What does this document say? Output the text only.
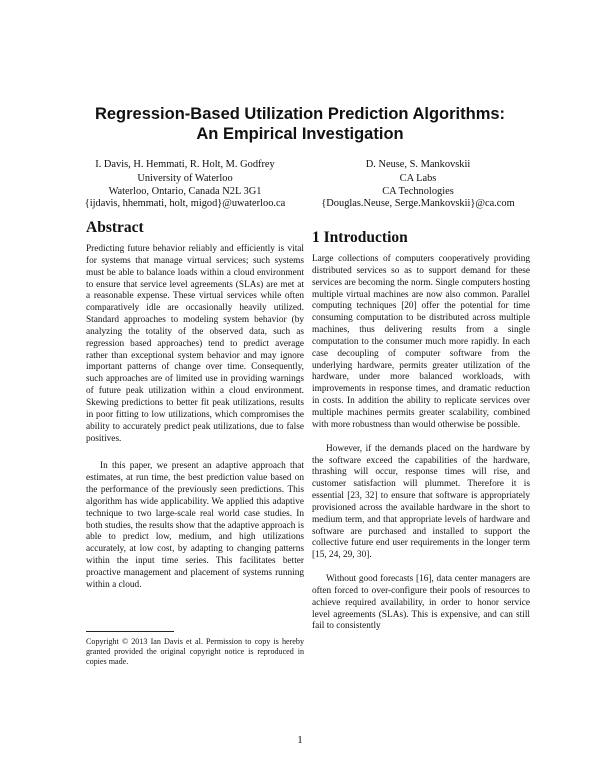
Regression-Based Utilization Prediction Algorithms:
An Empirical Investigation
I. Davis, H. Hemmati, R. Holt, M. Godfrey
University of Waterloo
Waterloo, Ontario, Canada N2L 3G1
{ijdavis, hhemmati, holt, migod}@uwaterloo.ca
D. Neuse, S. Mankovskii
CA Labs
CA Technologies
{Douglas.Neuse, Serge.Mankovskii}@ca.com
Abstract

Predicting future behavior reliably and efficiently is vital for systems that manage virtual services; such systems must be able to balance loads within a cloud environment to ensure that service level agreements (SLAs) are met at a reasonable expense. These virtual services while often comparatively idle are occasionally heavily utilized. Standard approaches to modeling system behavior (by analyzing the totality of the observed data, such as regression based approaches) tend to predict average rather than exceptional system behavior and may ignore important patterns of change over time. Consequently, such approaches are of limited use in providing warnings of future peak utilization within a cloud environment. Skewing predictions to better fit peak utilizations, results in poor fitting to low utilizations, which compromises the ability to accurately predict peak utilizations, due to false positives.

In this paper, we present an adaptive approach that estimates, at run time, the best prediction value based on the performance of the previously seen predictions. This algorithm has wide applicability. We applied this adaptive technique to two large-scale real world case studies. In both studies, the results show that the adaptive approach is able to predict low, medium, and high utilizations accurately, at low cost, by adapting to changing patterns within the input time series. This facilitates better proactive management and placement of systems running within a cloud.

1 Introduction

Large collections of computers cooperatively providing distributed services so as to support demand for these services are becoming the norm. Single computers hosting multiple virtual machines are now also common. Parallel computing techniques [20] offer the potential for time consuming computation to be distributed across multiple machines, thus delivering results from a single computation to the consumer much more rapidly. In each case decoupling of computer software from the underlying hardware, permits greater utilization of the hardware, under more balanced workloads, with improvements in response times, and dramatic reduction in costs. In addition the ability to replicate services over multiple machines permits greater scalability, combined with more robustness than would otherwise be possible.

However, if the demands placed on the hardware by the software exceed the capabilities of the hardware, thrashing will occur, response times will rise, and customer satisfaction will plummet. Therefore it is essential [23, 32] to ensure that software is appropriately provisioned across the available hardware in the short to medium term, and that appropriate levels of hardware and software are purchased and installed to support the collective future end user requirements in the longer term [15, 24, 29, 30].

Without good forecasts [16], data center managers are often forced to over-configure their pools of resources to achieve required availability, in order to honor service level agreements (SLAs). This is expensive, and can still fail to consistently

Copyright © 2013 Ian Davis et al. Permission to copy is hereby granted provided the original copyright notice is reproduced in copies made.

1
